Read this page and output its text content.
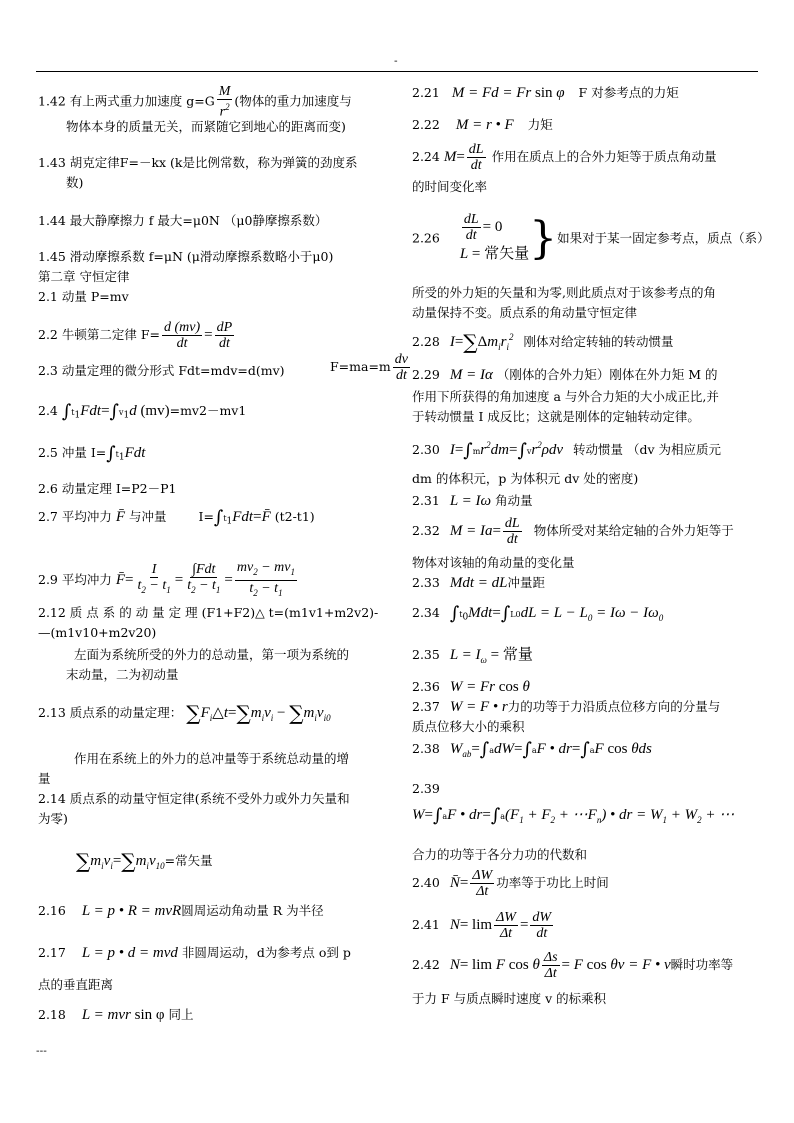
-
1.42 有上两式重力加速度 $g=G \frac{M}{r^2}$ (物体的重力加速度与
物体本身的质量无关，而紧随它到地心的距离而变)
1.43 胡克定律F=－kx (k是比例常数，称为弹簧的劲度系
数)
1.44 最大静摩擦力 f 最大=μ0N （μ0静摩擦系数）
1.45 滑动摩擦系数 f=μN (μ滑动摩擦系数略小于μ0)
第二章 守恒定律
2.1 动量 P=mv
2.2 牛顿第二定律 $F= \frac{d (mv)}{dt} = \frac{dP}{dt}$
2.3 动量定理的微分形式 Fdt=mdv=d(mv)	$F=ma=m \frac{dv}{dt}$
2.4 $\int t_1Fdt=\int v_1d$ (mv)=mv2－mv1
2.5 冲量 $I=\int t_1Fdt$
2.6 动量定理 I=P2－P1
2.7 平均冲力 F̄ 与冲量	$I=\int t_1Fdt=F̄$ (t2-t1)
2.9 平均冲力 F̄= $\frac{I}{t_2 - t_1} = \frac{\text{∫Fdt}}{t_2 - t_1} = \frac{mv_2 - mv_1}{t_2 - t_1}$
2.12 质 点 系 的 动 量 定 理 (F1+F2)△ t=(m1v1+m2v2)-
—(m1v10+m2v20)
左面为系统所受的外力的总动量，第一项为系统的
末动量，二为初动量
2.13 质点系的动量定理： $\sum F_i\triangle t=\sum m_iv_i - \sum m_iv_{i0}$
作用在系统上的外力的总冲量等于系统总动量的增
量
2.14 质点系的动量守恒定律(系统不受外力或外力矢量和
为零)
$\sum m_iv_i=\sum m_iv_{10}=$常矢量
2.16 L = p • R = mvR圆周运动角动量 R 为半径
2.17 L = p • d = mvd 非圆周运动，d为参考点 o到 p
点的垂直距离
2.18 L = mvr sin φ 同上
2.21 M = Fd = Fr sin φ F 对参考点的力矩
2.22 M = r • F 力矩
2.24 $M= \frac{dL}{dt}$ 作用在质点上的合外力矩等于质点角动量
的时间变化率
$2.26 \frac{dL}{dt} = 0$
L = 常矢量 }如果对于某一固定参考点，质点（系）
所受的外力矩的矢量和为零,则此质点对于该参考点的角
动量保持不变。质点系的角动量守恒定律
2.28 $I=\sum\Delta m_ir_i^2$ 刚体对给定转轴的转动惯量
2.29 M = Iα （刚体的合外力矩）刚体在外力矩 M 的
作用下所获得的角加速度 a 与外合力矩的大小成正比,并
于转动惯量 I 成反比；这就是刚体的定轴转动定律。
2.30 $I=\int mr^2dm=\int vr^2\rho dv$ 转动惯量 （dv 为相应质元
dm 的体积元，p 为体积元 dv 处的密度)
2.31 L = Iω 角动量
2.32 $M = Ia= \frac{dL}{dt}$ 物体所受对某给定轴的合外力矩等于
物体对该轴的角动量的变化量
2.33 Mdt = dL冲量距
2.34 $\int t_0Mdt=\int L0dL = L - L_0 = I\omega - I\omega_0$
2.35 $L = I_\omega$ = 常量
2.36 W = Fr cos θ
2.37 W = F • r力的功等于力沿质点位移方向的分量与
质点位移大小的乘积
2.38 $W_{ab}=\int adW=\int aF$ • dr=∫aF cos θds
2.39
W=∫aF • $dr=\int a(F_1 + F_2$ + $\cdots F_n$) • dr = $W_1 + W_2$ + ⋯
合力的功等于各分力功的代数和
2.40 N̄= $\frac{\Delta W}{\Delta t}$ 功率等于功比上时间
2.41 $N= \lim \frac{\Delta W}{\Delta t} = \frac{dW}{dt}$
2.42 N= lim F cos θ $\frac{\Delta s}{\Delta t} = F$ cos θv = F • v瞬时功率等
于力 F 与质点瞬时速度 v 的标乘积
---
